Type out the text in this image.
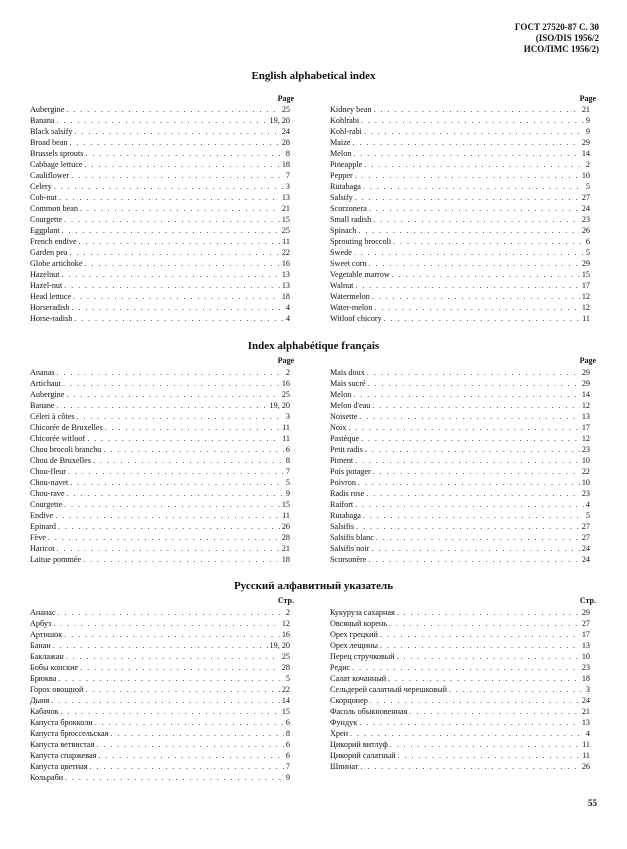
ГОСТ 27520-87 С. 30
(ISO/DIS 1956/2
ИСО/ПМС 1956/2)
English alphabetical index
Page	Page
Aubergine . . .	25
Banana . . .	19, 20
Black salsify . . .	24
Broad bean . . .	28
Brussels sprouts . . .	8
Cabbage lettuce . . .	18
Cauliflower . . .	7
Celery . . .	3
Cob-nut . . .	13
Common bean . . .	21
Courgette . . .	15
Eggplant . . .	25
French endive . . .	11
Garden pea . . .	22
Globe artichoke . . .	16
Hazelnut . . .	13
Hazel-nut . . .	13
Head lettuce . . .	18
Horseradish . . .	4
Horse-radish . . .	4
Kidney bean . . .	21
Kohlrabi . . .	9
Kohl-rabi . . .	9
Maize . . .	29
Melon . . .	14
Pineapple . . .	2
Pepper . . .	10
Rutabaga . . .	5
Salsify . . .	27
Scorzonera . . .	24
Small radish . . .	23
Spinach . . .	26
Sprouting broccoli . . .	6
Swede . . .	5
Sweet corn . . .	29
Vegetable marrow . . .	15
Walnut . . .	17
Watermelon . . .	12
Water-melon . . .	12
Witloof chicory . . .	11
Index alphabétique français
Page	Page
Ananas . . .	2
Artichaut . . .	16
Aubergine . . .	25
Banane . . .	19, 20
Céleri à côtes . . .	3
Chicorée de Bruxelles . . .	11
Chicorée witloof . . .	11
Chou brocoli branchu . . .	6
Chou de Bruxelles . . .	8
Chou-fleur . . .	7
Chou-navet . . .	5
Chou-rave . . .	9
Courgette . . .	15
Endive . . .	11
Epinard . . .	26
Fève . . .	28
Haricot . . .	21
Laitue pommée . . .	18
Maïs doux . . .	29
Maïs sucré . . .	29
Melon . . .	14
Melon d'eau . . .	12
Noisette . . .	13
Noix . . .	17
Pastèque . . .	12
Petit radis . . .	23
Piment . . .	10
Pois potager . . .	22
Poivron . . .	10
Radis rose . . .	23
Raifort . . .	4
Rutabaga . . .	5
Salsifis . . .	27
Salsifis blanc . . .	27
Salsifis noir . . .	24
Scorsonère . . .	24
Русский алфавитный указатель
Стр.	Стр.
Ананас . . .	2
Арбуз . . .	12
Артишок . . .	16
Банан . . .	19, 20
Баклажан . . .	25
Бобы конские . . .	28
Брюква . . .	5
Горох овощной . . .	22
Дыня . . .	14
Кабачок . . .	15
Капуста брокколи . . .	6
Капуста брюссельская . . .	8
Капуста ветвистая . . .	6
Капуста спаржевая . . .	6
Капуста цветная . . .	7
Кольраби . . .	9
Кукуруза сахарная . . .	29
Овсяный корень . . .	27
Орех грецкий . . .	17
Орех лещины . . .	13
Перец стручковый . . .	10
Редис . . .	23
Салат кочанный . . .	18
Сельдерей салатный черешковый . . .	3
Скорцонер . . .	24
Фасоль обыкновенная . . .	21
Фундук . . .	13
Хрен . . .	4
Цикорий витлуф . . .	11
Цикорий салатный . . .	11
Шпинат . . .	26
55
